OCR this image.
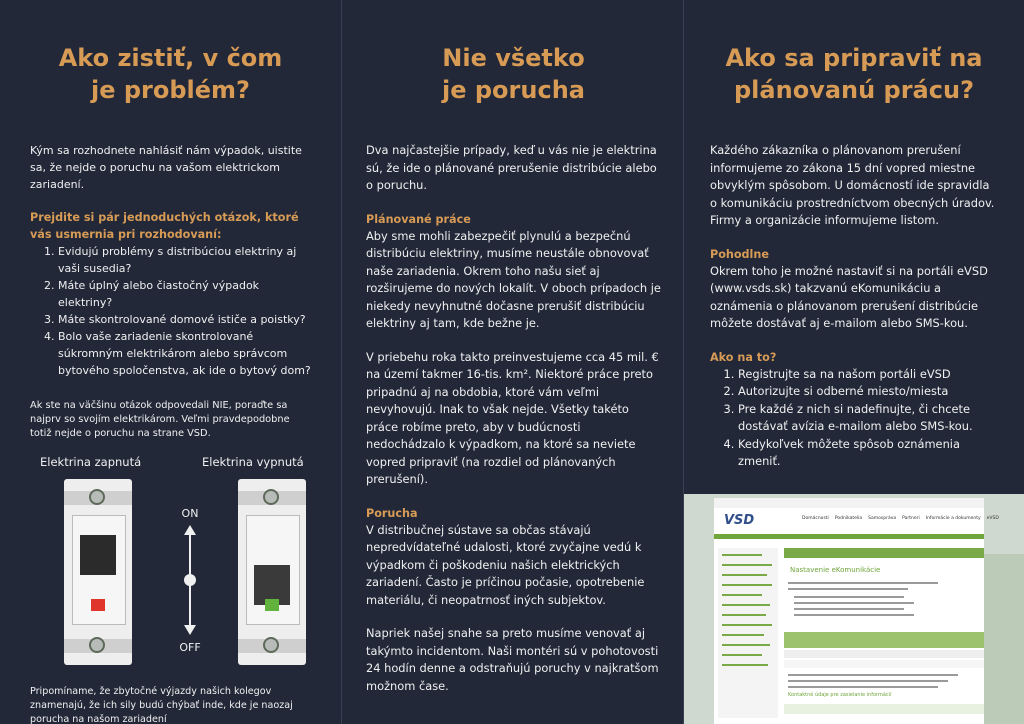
Ako zistiť, v čom
je problém?

Kým sa rozhodnete nahlásiť nám výpadok, uistite sa, že nejde o poruchu na vašom elektrickom zariadení.

Prejdite si pár jednoduchých otázok, ktoré vás usmernia pri rozhodovaní:

1. Evidujú problémy s distribúciou elektriny aj vaši susedia?
2. Máte úplný alebo čiastočný výpadok elektriny?
3. Máte skontrolované domové ističe a poistky?
4. Bolo vaše zariadenie skontrolované súkromným elektrikárom alebo správcom bytového spoločenstva, ak ide o bytový dom?

Ak ste na väčšinu otázok odpovedali NIE, poraďte sa najprv so svojím elektrikárom. Veľmi pravdepodobne totiž nejde o poruchu na strane VSD.

Elektrina zapnutá	Elektrina vypnutá
ON
OFF

Pripomíname, že zbytočné výjazdy našich kolegov znamenajú, že ich sily budú chýbať inde, kde je naozaj porucha na našom zariadení

Nie všetko
je porucha

Dva najčastejšie prípady, keď u vás nie je elektrina sú, že ide o plánované prerušenie distribúcie alebo o poruchu.

Plánované práce

Aby sme mohli zabezpečiť plynulú a bezpečnú distribúciu elektriny, musíme neustále obnovovať naše zariadenia. Okrem toho našu sieť aj rozširujeme do nových lokalít. V oboch prípadoch je niekedy nevyhnutné dočasne prerušiť distribúciu elektriny aj tam, kde bežne je.

V priebehu roka takto preinvestujeme cca 45 mil. € na území takmer 16-tis. km². Niektoré práce preto pripadnú aj na obdobia, ktoré vám veľmi nevyhovujú. Inak to však nejde. Všetky takéto práce robíme preto, aby v budúcnosti nedochádzalo k výpadkom, na ktoré sa neviete vopred pripraviť (na rozdiel od plánovaných prerušení).

Porucha

V distribučnej sústave sa občas stávajú nepredvídateľné udalosti, ktoré zvyčajne vedú k výpadkom či poškodeniu našich elektrických zariadení. Často je príčinou počasie, opotrebenie materiálu, či neopatrnosť iných subjektov.

Napriek našej snahe sa preto musíme venovať aj takýmto incidentom. Naši montéri sú v pohotovosti 24 hodín denne a odstraňujú poruchy v najkratšom možnom čase.

Ako sa pripraviť na
plánovanú prácu?

Každého zákazníka o plánovanom prerušení informujeme zo zákona 15 dní vopred miestne obvyklým spôsobom. U domácností ide spravidla o komunikáciu prostredníctvom obecných úradov. Firmy a organizácie informujeme listom.

Pohodlne

Okrem toho je možné nastaviť si na portáli eVSD (www.vsds.sk) takzvanú eKomunikáciu a oznámenia o plánovanom prerušení distribúcie môžete dostávať aj e-mailom alebo SMS-kou.

Ako na to?

1. Registrujte sa na našom portáli eVSD
2. Autorizujte si odberné miesto/miesta
3. Pre každé z nich si nadefinujte, či chcete dostávať avízia e-mailom alebo SMS-kou.
4. Kedykoľvek môžete spôsob oznámenia zmeniť.
VSD	Domácnosti Podnikatelia Samospráva Partneri Informácie a dokumenty eVSD
Nastavenie eKomunikácie
Kontaktné údaje pre zasielanie informácií
